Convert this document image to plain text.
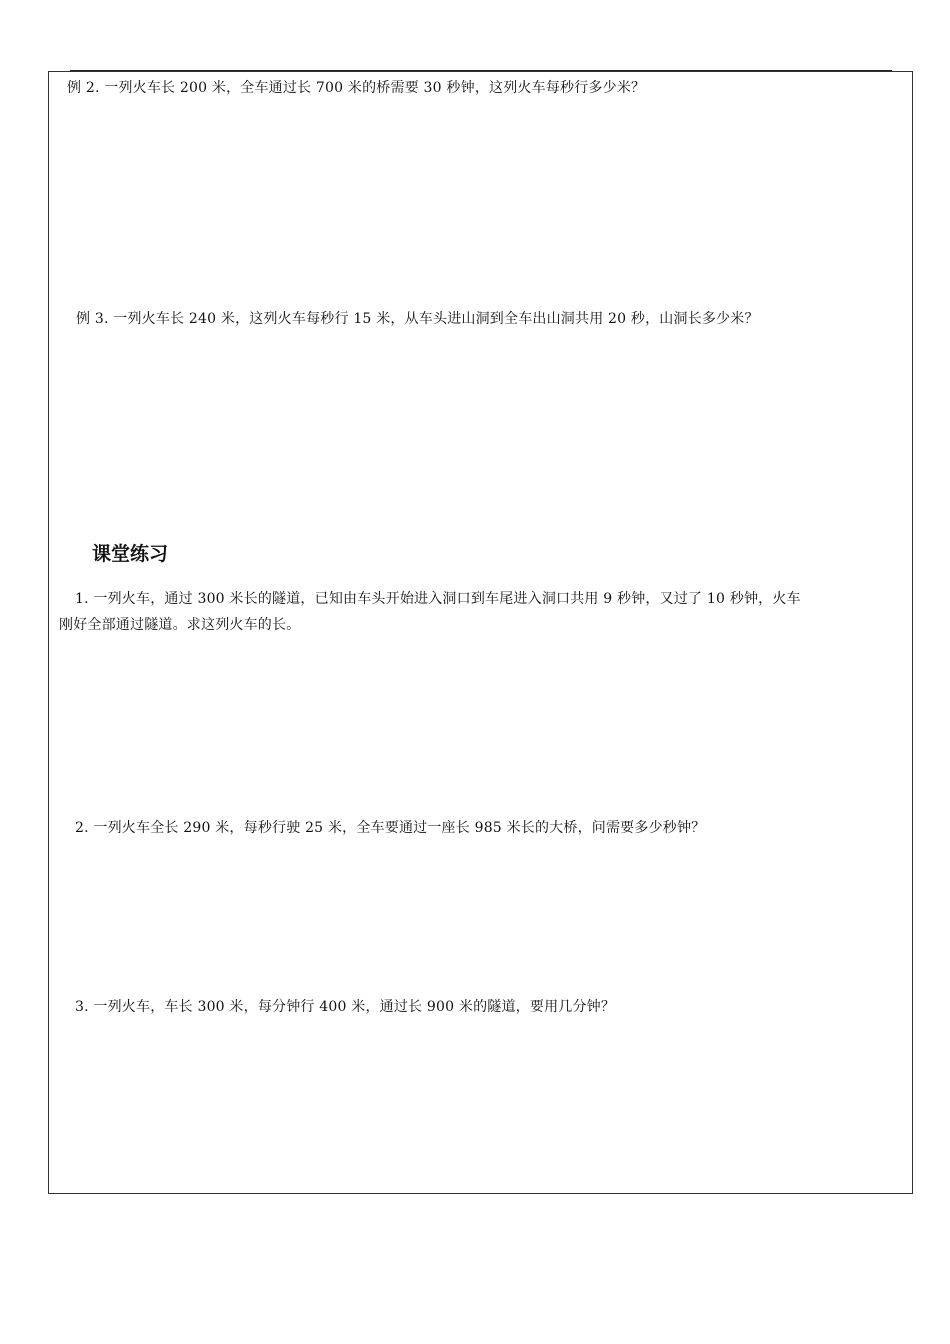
例 2. 一列火车长 200 米，全车通过长 700 米的桥需要 30 秒钟，这列火车每秒行多少米？
例 3. 一列火车长 240 米，这列火车每秒行 15 米，从车头进山洞到全车出山洞共用 20 秒，山洞长多少米？
课堂练习
1. 一列火车，通过 300 米长的隧道，已知由车头开始进入洞口到车尾进入洞口共用 9 秒钟，又过了 10 秒钟，火车
刚好全部通过隧道。求这列火车的长。
2. 一列火车全长 290 米，每秒行驶 25 米，全车要通过一座长 985 米长的大桥，问需要多少秒钟？
3. 一列火车，车长 300 米，每分钟行 400 米，通过长 900 米的隧道，要用几分钟？
